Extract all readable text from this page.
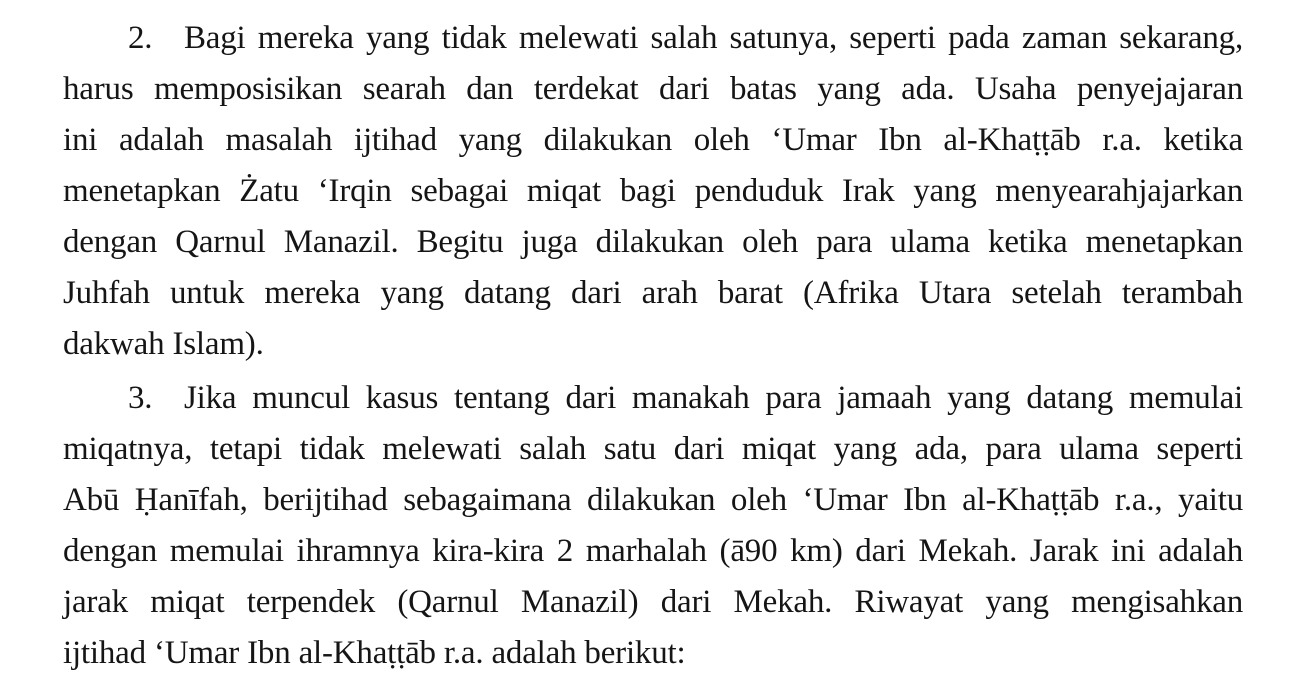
2. Bagi mereka yang tidak melewati salah satunya, seperti pada zaman sekarang,
harus memposisikan searah dan terdekat dari batas yang ada. Usaha penyejajaran
ini adalah masalah ijtihad yang dilakukan oleh ‘Umar Ibn al-Khaṭṭāb r.a. ketika
menetapkan Żatu ‘Irqin sebagai miqat bagi penduduk Irak yang menyearahjajarkan
dengan Qarnul Manazil. Begitu juga dilakukan oleh para ulama ketika menetapkan
Juhfah untuk mereka yang datang dari arah barat (Afrika Utara setelah terambah
dakwah Islam).
3. Jika muncul kasus tentang dari manakah para jamaah yang datang memulai
miqatnya, tetapi tidak melewati salah satu dari miqat yang ada, para ulama seperti
Abū Ḥanīfah, berijtihad sebagaimana dilakukan oleh ‘Umar Ibn al-Khaṭṭāb r.a., yaitu
dengan memulai ihramnya kira-kira 2 marhalah (ā90 km) dari Mekah. Jarak ini adalah
jarak miqat terpendek (Qarnul Manazil) dari Mekah. Riwayat yang mengisahkan
ijtihad ‘Umar Ibn al-Khaṭṭāb r.a. adalah berikut:
